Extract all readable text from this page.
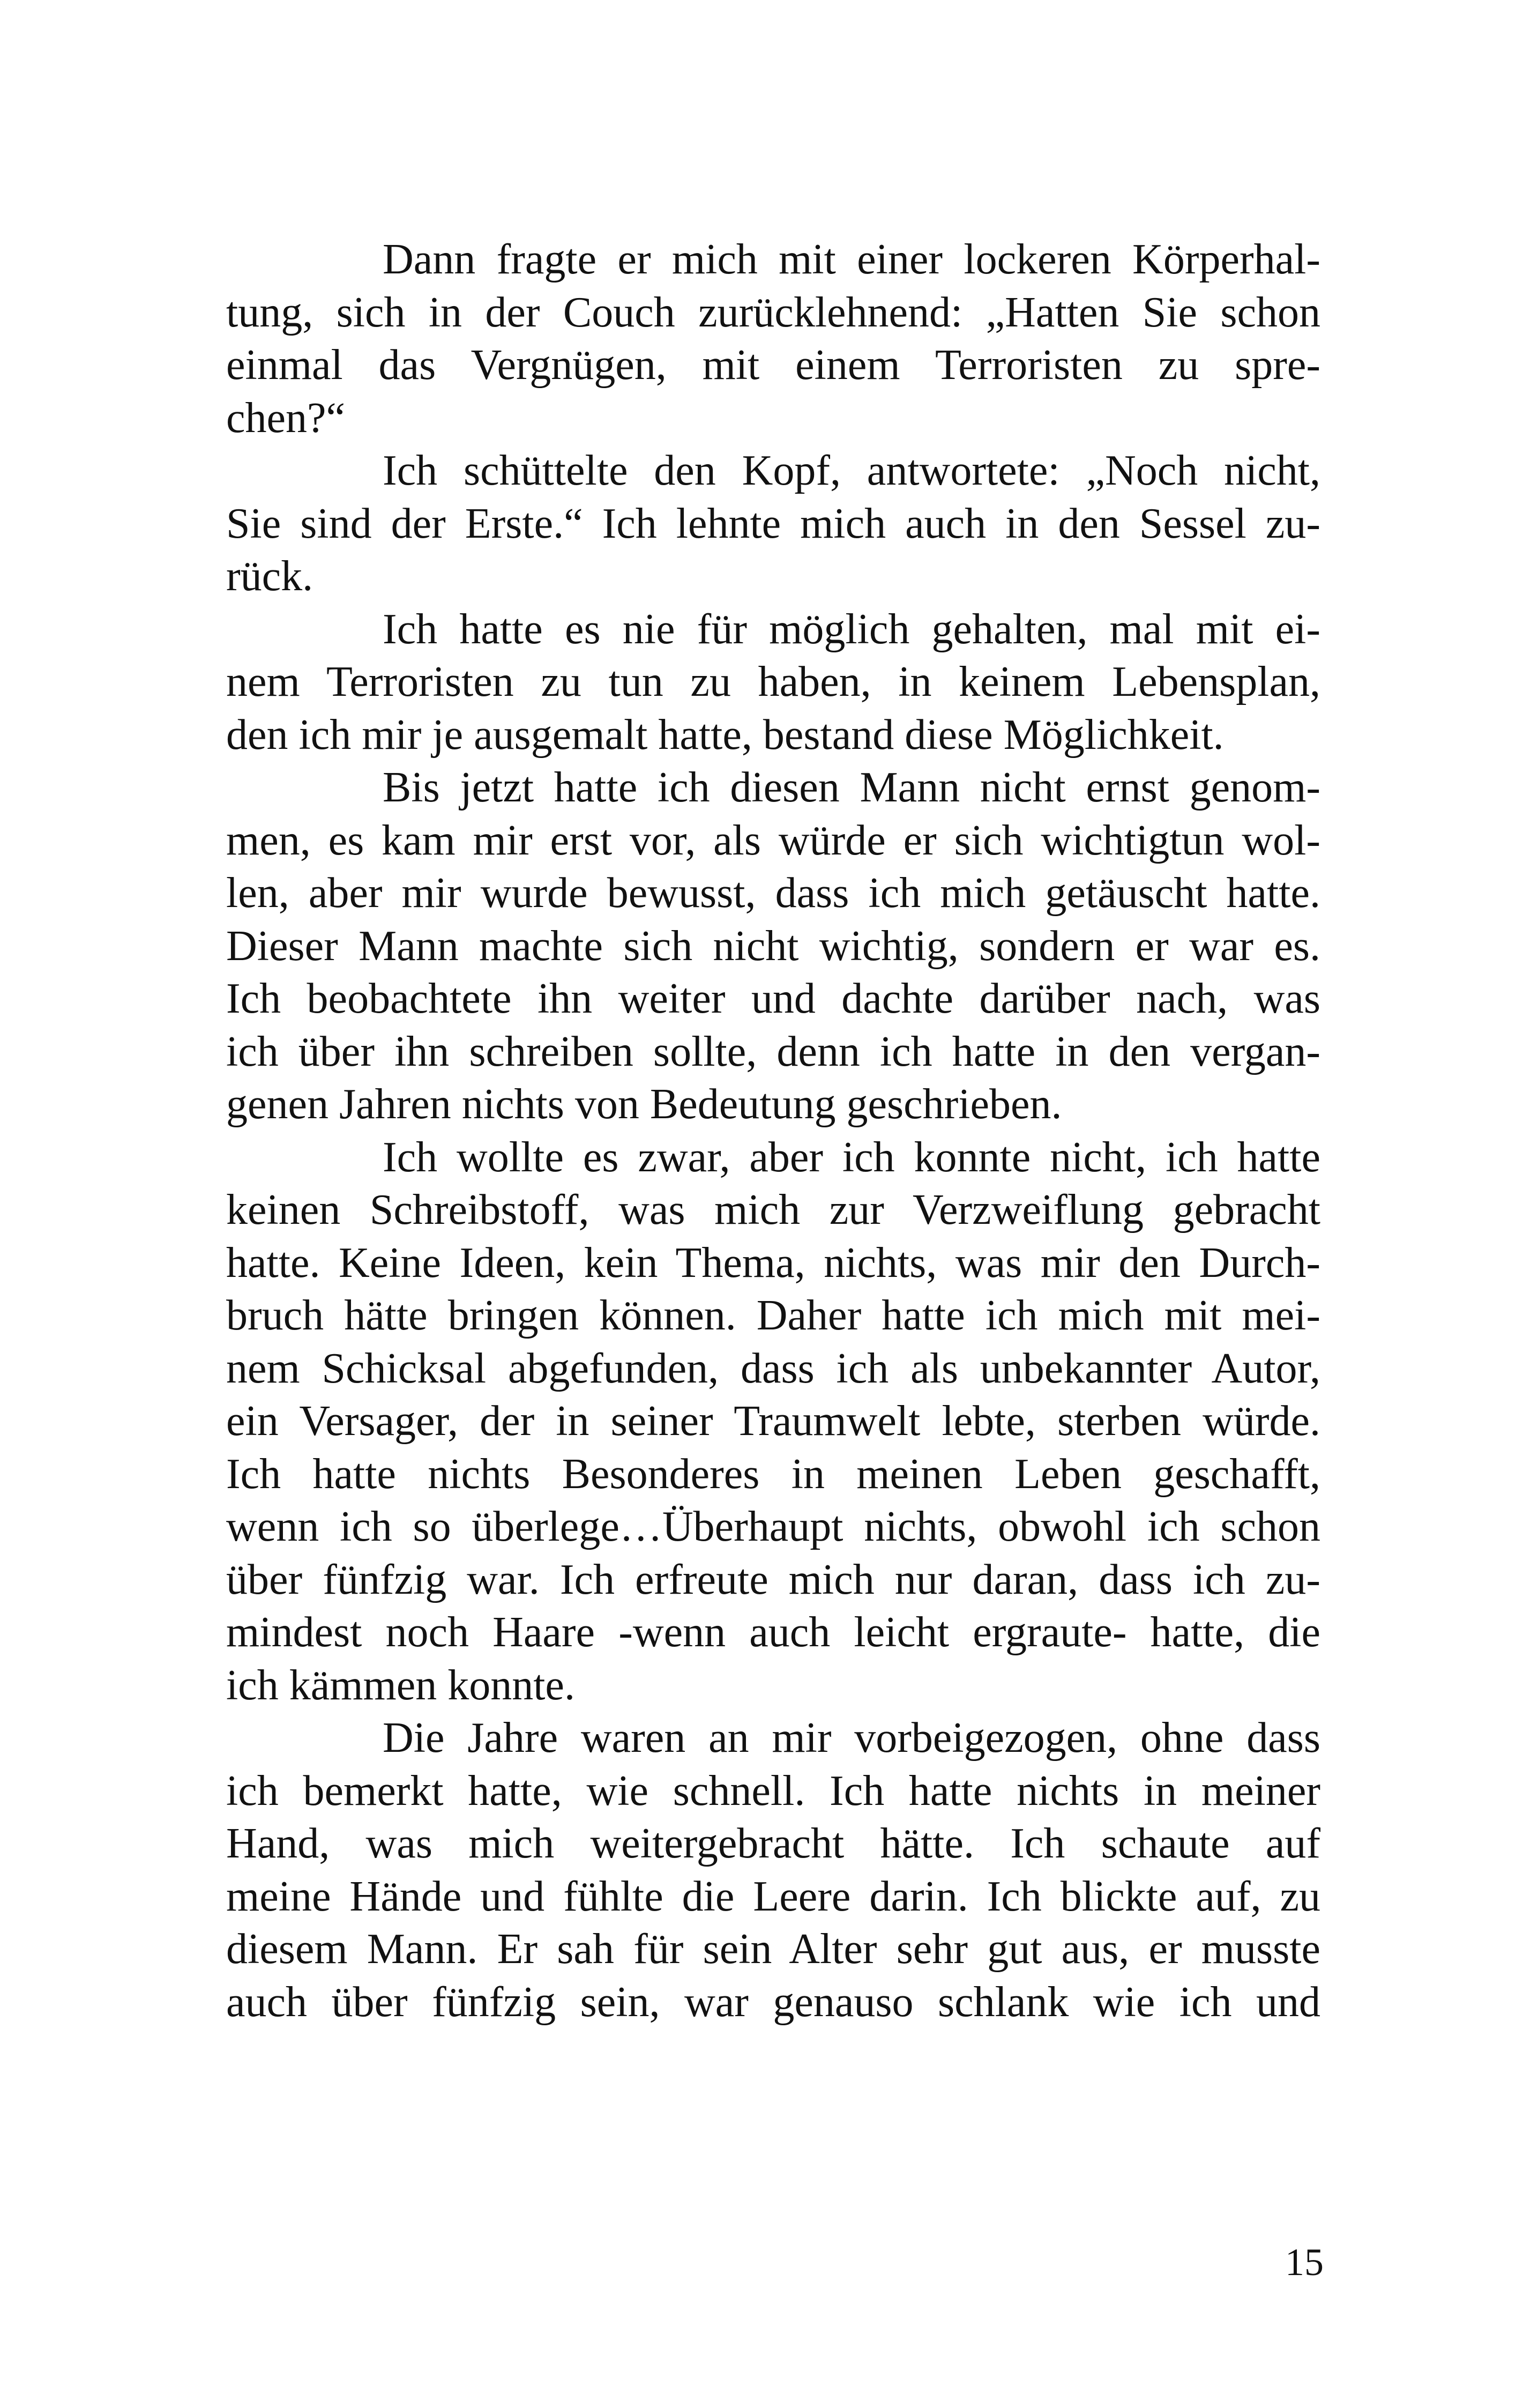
Dann fragte er mich mit einer lockeren Körperhal-
tung, sich in der Couch zurücklehnend: „Hatten Sie schon
einmal das Vergnügen, mit einem Terroristen zu spre-
chen?“
Ich schüttelte den Kopf, antwortete: „Noch nicht,
Sie sind der Erste.“ Ich lehnte mich auch in den Sessel zu-
rück.
Ich hatte es nie für möglich gehalten, mal mit ei-
nem Terroristen zu tun zu haben, in keinem Lebensplan,
den ich mir je ausgemalt hatte, bestand diese Möglichkeit.
Bis jetzt hatte ich diesen Mann nicht ernst genom-
men, es kam mir erst vor, als würde er sich wichtigtun wol-
len, aber mir wurde bewusst, dass ich mich getäuscht hatte.
Dieser Mann machte sich nicht wichtig, sondern er war es.
Ich beobachtete ihn weiter und dachte darüber nach, was
ich über ihn schreiben sollte, denn ich hatte in den vergan-
genen Jahren nichts von Bedeutung geschrieben.
Ich wollte es zwar, aber ich konnte nicht, ich hatte
keinen Schreibstoff, was mich zur Verzweiflung gebracht
hatte. Keine Ideen, kein Thema, nichts, was mir den Durch-
bruch hätte bringen können. Daher hatte ich mich mit mei-
nem Schicksal abgefunden, dass ich als unbekannter Autor,
ein Versager, der in seiner Traumwelt lebte, sterben würde.
Ich hatte nichts Besonderes in meinen Leben geschafft,
wenn ich so überlege…Überhaupt nichts, obwohl ich schon
über fünfzig war. Ich erfreute mich nur daran, dass ich zu-
mindest noch Haare -wenn auch leicht ergraute- hatte, die
ich kämmen konnte.
Die Jahre waren an mir vorbeigezogen, ohne dass
ich bemerkt hatte, wie schnell. Ich hatte nichts in meiner
Hand, was mich weitergebracht hätte. Ich schaute auf
meine Hände und fühlte die Leere darin. Ich blickte auf, zu
diesem Mann. Er sah für sein Alter sehr gut aus, er musste
auch über fünfzig sein, war genauso schlank wie ich und
15
